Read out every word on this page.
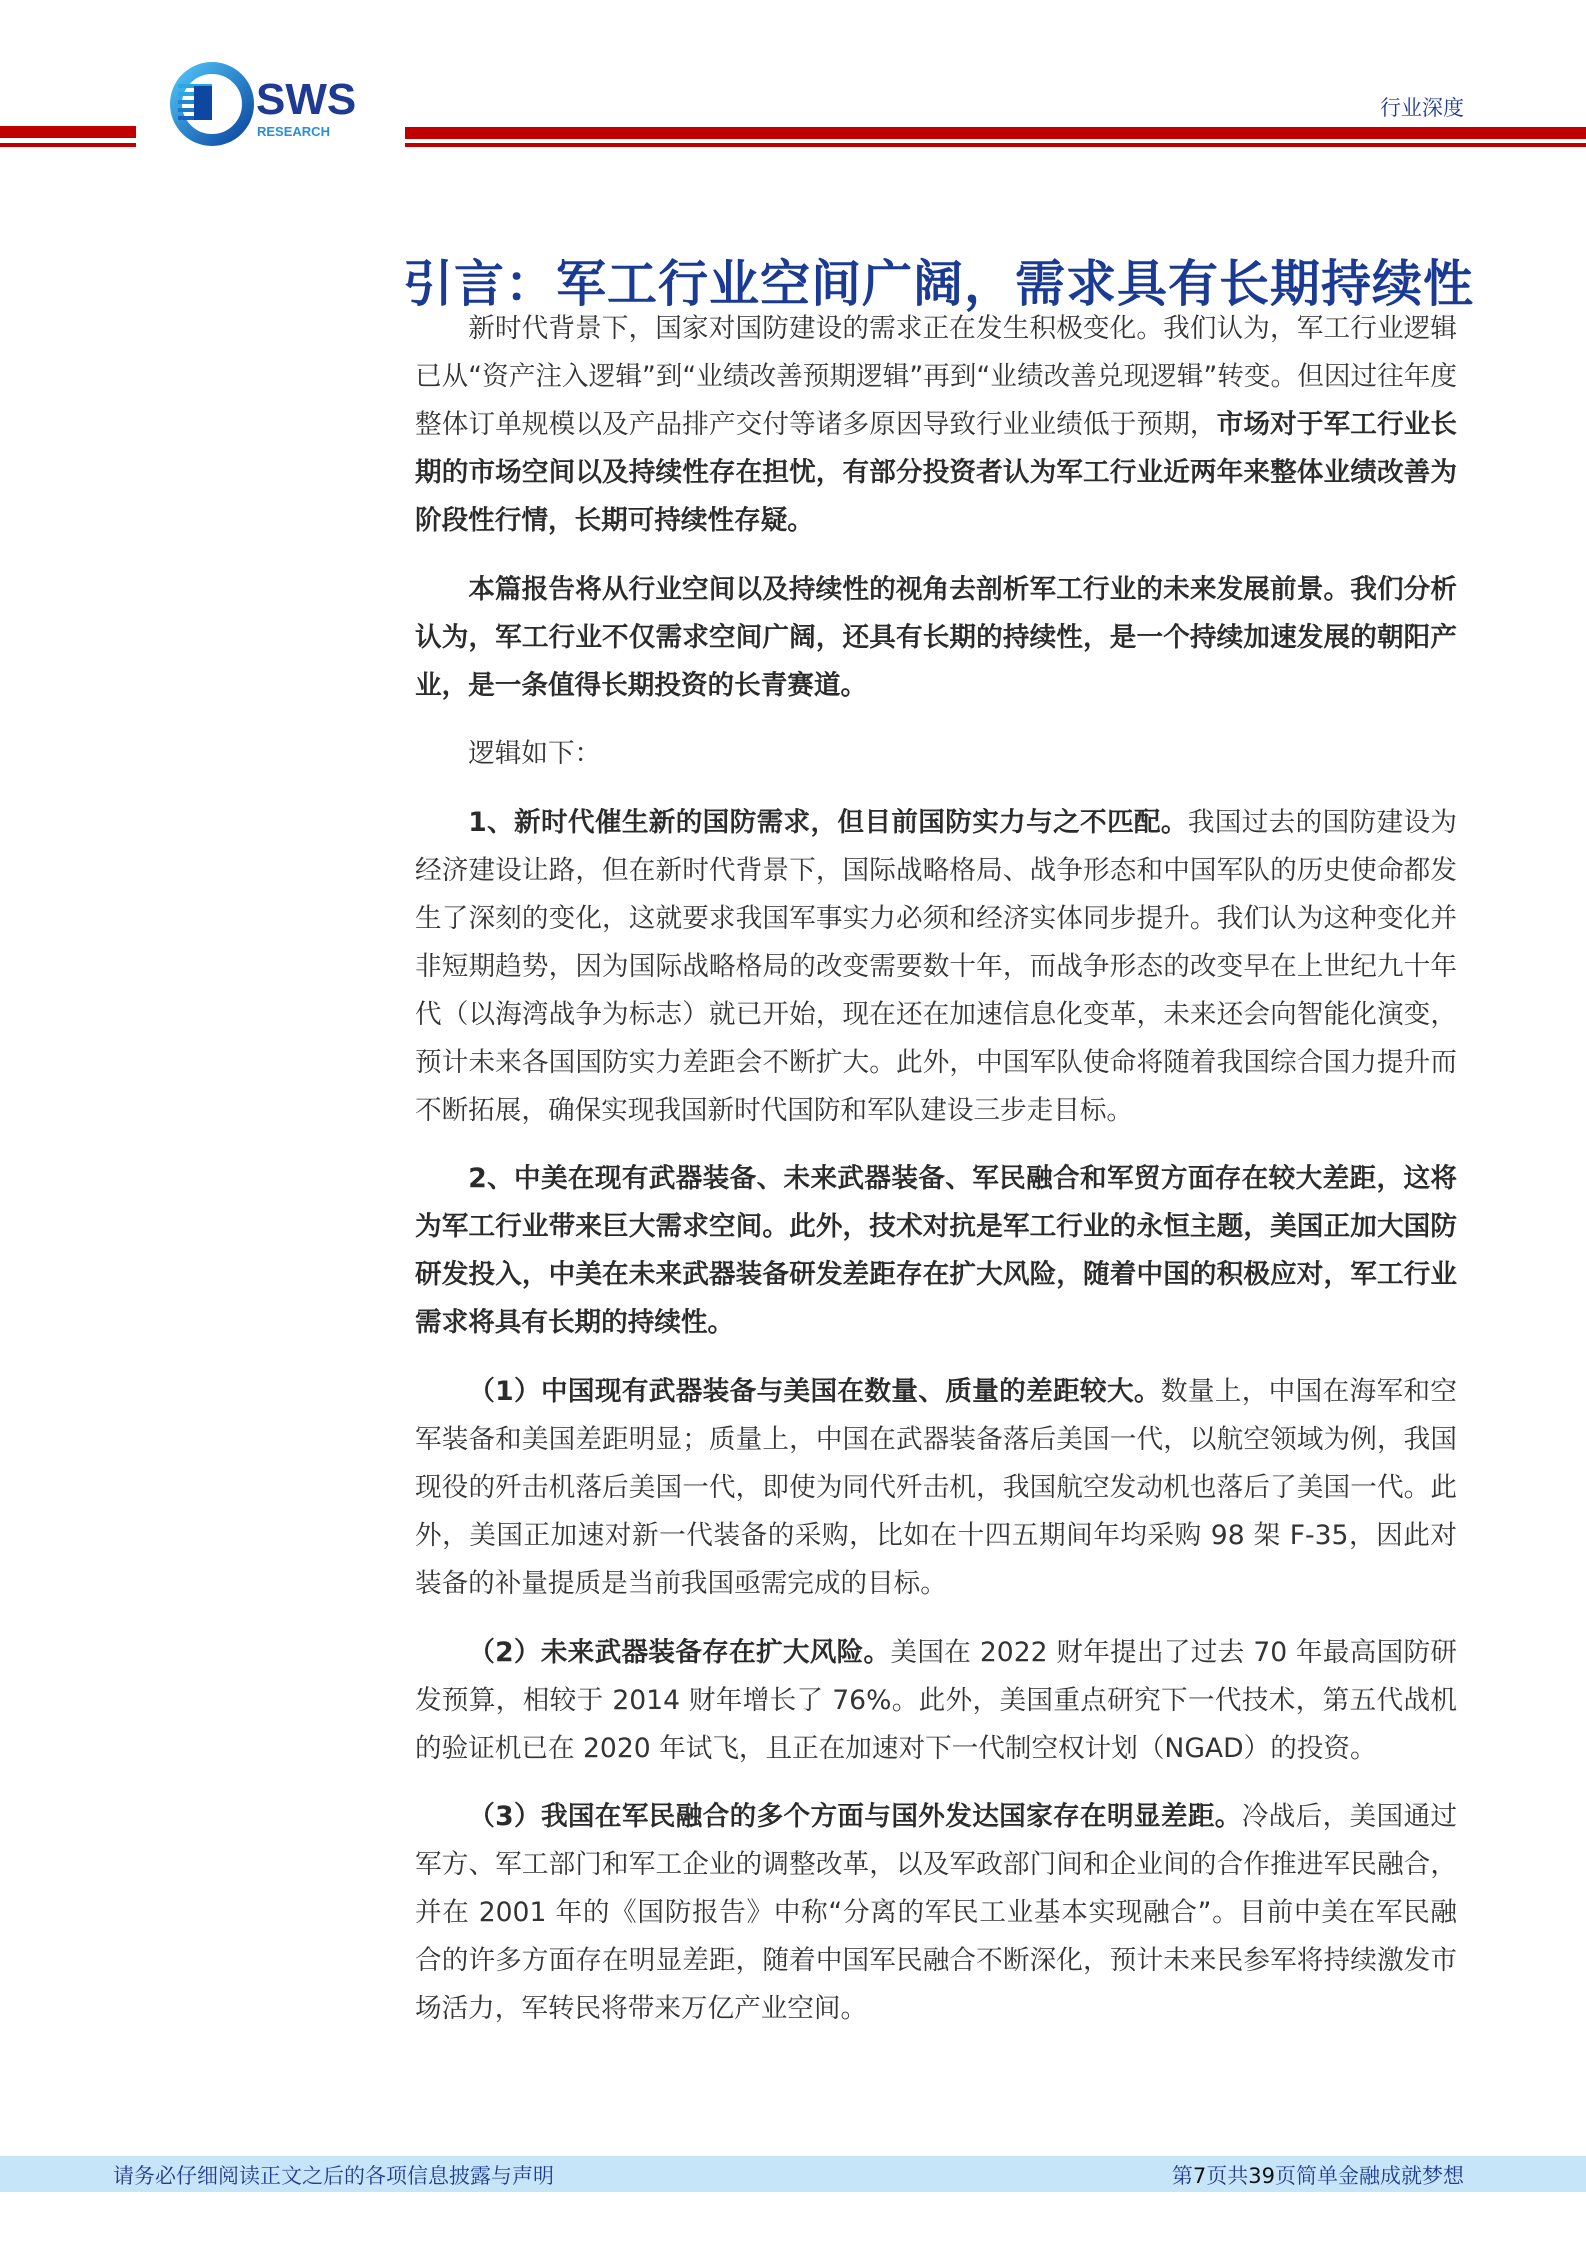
SWS
RESEARCH
行业深度
引言：军工行业空间广阔，需求具有长期持续性

新时代背景下，国家对国防建设的需求正在发生积极变化。我们认为，军工行业逻辑已从“资产注入逻辑”到“业绩改善预期逻辑”再到“业绩改善兑现逻辑”转变。但因过往年度整体订单规模以及产品排产交付等诸多原因导致行业业绩低于预期，市场对于军工行业长期的市场空间以及持续性存在担忧，有部分投资者认为军工行业近两年来整体业绩改善为阶段性行情，长期可持续性存疑。

本篇报告将从行业空间以及持续性的视角去剖析军工行业的未来发展前景。我们分析认为，军工行业不仅需求空间广阔，还具有长期的持续性，是一个持续加速发展的朝阳产业，是一条值得长期投资的长青赛道。

逻辑如下：

1、新时代催生新的国防需求，但目前国防实力与之不匹配。我国过去的国防建设为经济建设让路，但在新时代背景下，国际战略格局、战争形态和中国军队的历史使命都发生了深刻的变化，这就要求我国军事实力必须和经济实体同步提升。我们认为这种变化并非短期趋势，因为国际战略格局的改变需要数十年，而战争形态的改变早在上世纪九十年代（以海湾战争为标志）就已开始，现在还在加速信息化变革，未来还会向智能化演变，预计未来各国国防实力差距会不断扩大。此外，中国军队使命将随着我国综合国力提升而不断拓展，确保实现我国新时代国防和军队建设三步走目标。

2、中美在现有武器装备、未来武器装备、军民融合和军贸方面存在较大差距，这将为军工行业带来巨大需求空间。此外，技术对抗是军工行业的永恒主题，美国正加大国防研发投入，中美在未来武器装备研发差距存在扩大风险，随着中国的积极应对，军工行业需求将具有长期的持续性。

（1）中国现有武器装备与美国在数量、质量的差距较大。数量上，中国在海军和空军装备和美国差距明显；质量上，中国在武器装备落后美国一代，以航空领域为例，我国现役的歼击机落后美国一代，即使为同代歼击机，我国航空发动机也落后了美国一代。此外，美国正加速对新一代装备的采购，比如在十四五期间年均采购 98 架 F-35，因此对装备的补量提质是当前我国亟需完成的目标。

（2）未来武器装备存在扩大风险。美国在 2022 财年提出了过去 70 年最高国防研发预算，相较于 2014 财年增长了 76%。此外，美国重点研究下一代技术，第五代战机的验证机已在 2020 年试飞，且正在加速对下一代制空权计划（NGAD）的投资。

（3）我国在军民融合的多个方面与国外发达国家存在明显差距。冷战后，美国通过军方、军工部门和军工企业的调整改革，以及军政部门间和企业间的合作推进军民融合，并在 2001 年的《国防报告》中称“分离的军民工业基本实现融合”。目前中美在军民融合的许多方面存在明显差距，随着中国军民融合不断深化，预计未来民参军将持续激发市场活力，军转民将带来万亿产业空间。

请务必仔细阅读正文之后的各项信息披露与声明	第7页共39页简单金融成就梦想
